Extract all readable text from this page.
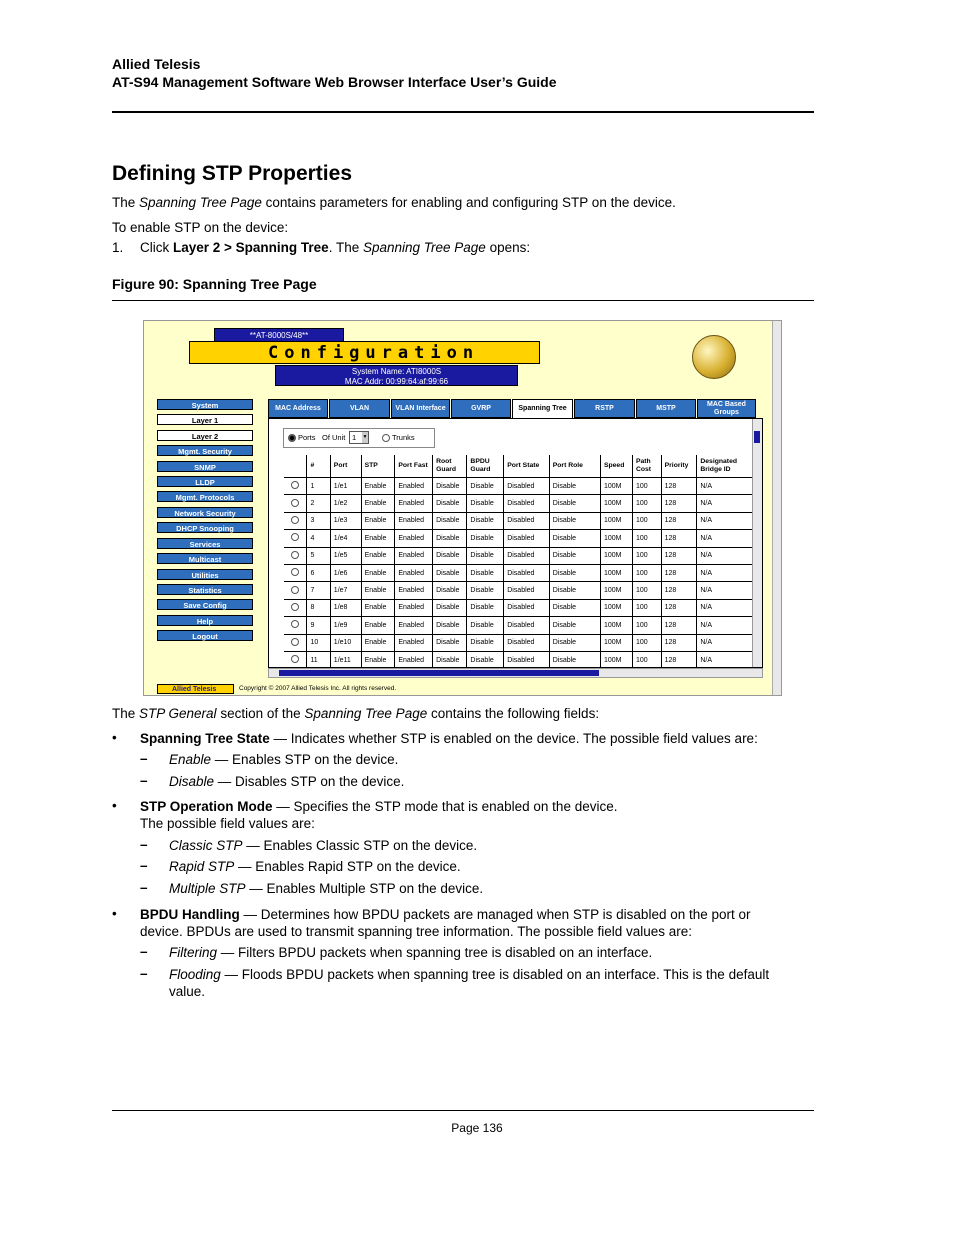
Allied Telesis
AT-S94 Management Software Web Browser Interface User’s Guide
Defining STP Properties
The Spanning Tree Page contains parameters for enabling and configuring STP on the device.
To enable STP on the device:
1. Click Layer 2 > Spanning Tree. The Spanning Tree Page opens:
Figure 90: Spanning Tree Page
**AT-8000S/48**
Configuration
System Name: ATI8000S
MAC Addr: 00:99:64:af:99:66
System
Layer 1
Layer 2
Mgmt. Security
SNMP
LLDP
Mgmt. Protocols
Network Security
DHCP Snooping
Services
Multicast
Utilities
Statistics
Save Config
Help
Logout
MAC Address	VLAN	VLAN Interface	GVRP	Spanning Tree	RSTP	MSTP
MAC Based Groups
Ports Of Unit 1 ▼	Trunks
	#	Port	STP	Port Fast	Root Guard	BPDU Guard	Port State	Port Role	Speed	Path Cost	Priority	Designated Bridge ID
	1	1/e1	Enable	Enabled	Disable	Disable	Disabled	Disable	100M	100	128	N/A
	2	1/e2	Enable	Enabled	Disable	Disable	Disabled	Disable	100M	100	128	N/A
	3	1/e3	Enable	Enabled	Disable	Disable	Disabled	Disable	100M	100	128	N/A
	4	1/e4	Enable	Enabled	Disable	Disable	Disabled	Disable	100M	100	128	N/A
	5	1/e5	Enable	Enabled	Disable	Disable	Disabled	Disable	100M	100	128	N/A
	6	1/e6	Enable	Enabled	Disable	Disable	Disabled	Disable	100M	100	128	N/A
	7	1/e7	Enable	Enabled	Disable	Disable	Disabled	Disable	100M	100	128	N/A
	8	1/e8	Enable	Enabled	Disable	Disable	Disabled	Disable	100M	100	128	N/A
	9	1/e9	Enable	Enabled	Disable	Disable	Disabled	Disable	100M	100	128	N/A
	10	1/e10	Enable	Enabled	Disable	Disable	Disabled	Disable	100M	100	128	N/A
	11	1/e11	Enable	Enabled	Disable	Disable	Disabled	Disable	100M	100	128	N/A
Allied Telesis	Copyright © 2007 Allied Telesis Inc. All rights reserved.
The STP General section of the Spanning Tree Page contains the following fields:
• Spanning Tree State — Indicates whether STP is enabled on the device. The possible field values are:
– Enable — Enables STP on the device.
– Disable — Disables STP on the device.
• STP Operation Mode — Specifies the STP mode that is enabled on the device.
The possible field values are:
– Classic STP — Enables Classic STP on the device.
– Rapid STP — Enables Rapid STP on the device.
– Multiple STP — Enables Multiple STP on the device.
• BPDU Handling — Determines how BPDU packets are managed when STP is disabled on the port or
device. BPDUs are used to transmit spanning tree information. The possible field values are:
– Filtering — Filters BPDU packets when spanning tree is disabled on an interface.
– Flooding — Floods BPDU packets when spanning tree is disabled on an interface. This is the default
value.
Page 136
